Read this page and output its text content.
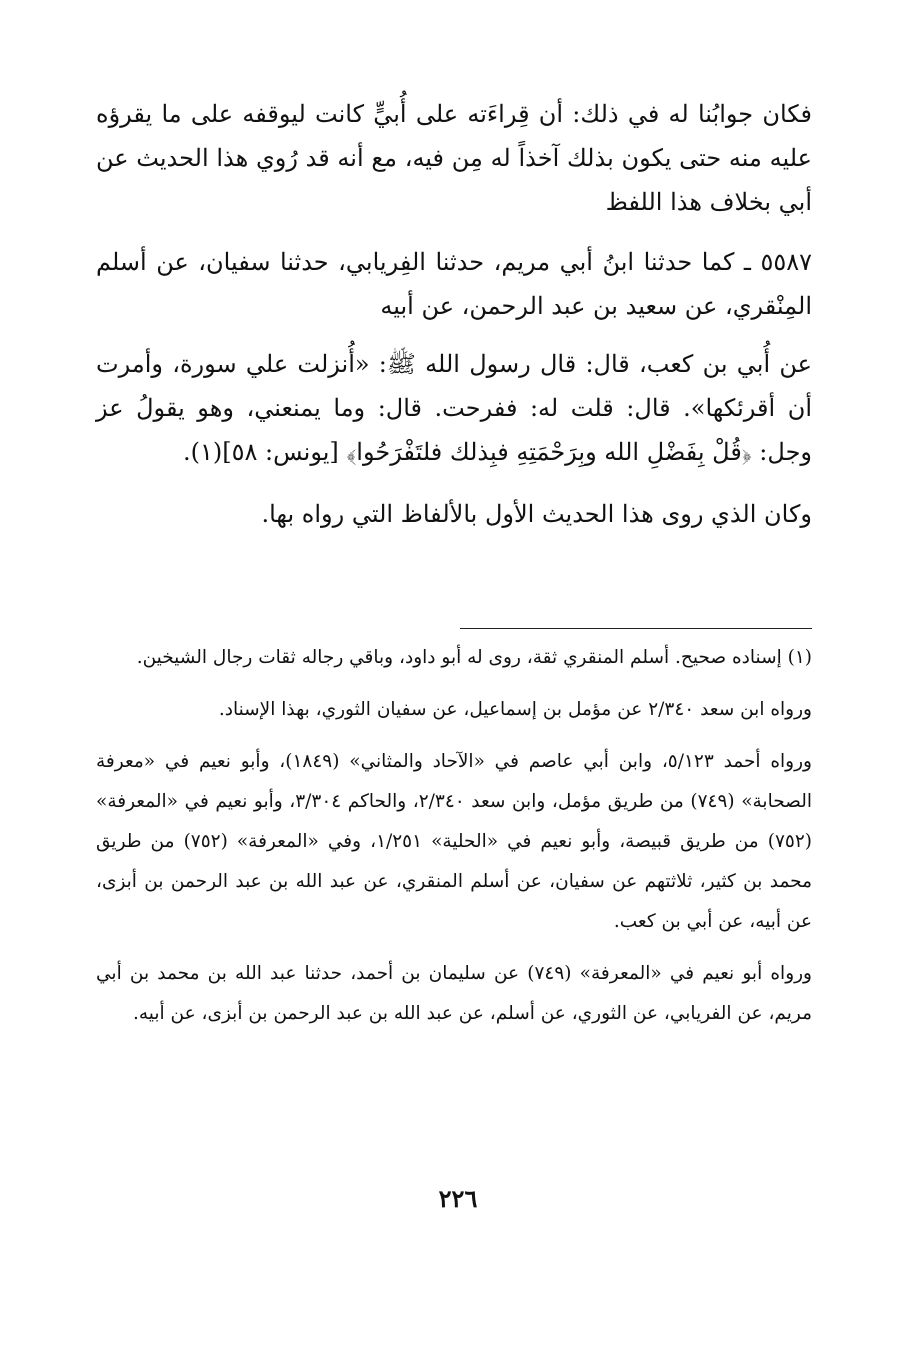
فكان جوابُنا له في ذلك: أن قِراءَته على أُبيٍّ كانت ليوقفه على ما يقرؤه عليه منه حتى يكون بذلك آخذاً له مِن فيه، مع أنه قد رُوي هذا الحديث عن أبي بخلاف هذا اللفظ

٥٥٨٧ ـ كما حدثنا ابنُ أبي مريم، حدثنا الفِريابي، حدثنا سفيان، عن أسلم المِنْقري، عن سعيد بن عبد الرحمن، عن أبيه

عن أُبي بن كعب، قال: قال رسول الله ﷺ: «أُنزلت علي سورة، وأمرت أن أقرئكها». قال: قلت له: ففرحت. قال: وما يمنعني، وهو يقولُ عز وجل: ﴿قُلْ بِفَضْلِ الله وبِرَحْمَتِهِ فبِذلك فلتَفْرَحُوا﴾ [يونس: ٥٨](١).

وكان الذي روى هذا الحديث الأول بالألفاظ التي رواه بها.

(١) إسناده صحيح. أسلم المنقري ثقة، روى له أبو داود، وباقي رجاله ثقات رجال الشيخين.

ورواه ابن سعد ٢/٣٤٠ عن مؤمل بن إسماعيل، عن سفيان الثوري، بهذا الإسناد.

ورواه أحمد ٥/١٢٣، وابن أبي عاصم في «الآحاد والمثاني» (١٨٤٩)، وأبو نعيم في «معرفة الصحابة» (٧٤٩) من طريق مؤمل، وابن سعد ٢/٣٤٠، والحاكم ٣/٣٠٤، وأبو نعيم في «المعرفة» (٧٥٢) من طريق قبيصة، وأبو نعيم في «الحلية» ١/٢٥١، وفي «المعرفة» (٧٥٢) من طريق محمد بن كثير، ثلاثتهم عن سفيان، عن أسلم المنقري، عن عبد الله بن عبد الرحمن بن أبزى، عن أبيه، عن أبي بن كعب.

ورواه أبو نعيم في «المعرفة» (٧٤٩) عن سليمان بن أحمد، حدثنا عبد الله بن محمد بن أبي مريم، عن الفريابي، عن الثوري، عن أسلم، عن عبد الله بن عبد الرحمن بن أبزى، عن أبيه.

٢٢٦
